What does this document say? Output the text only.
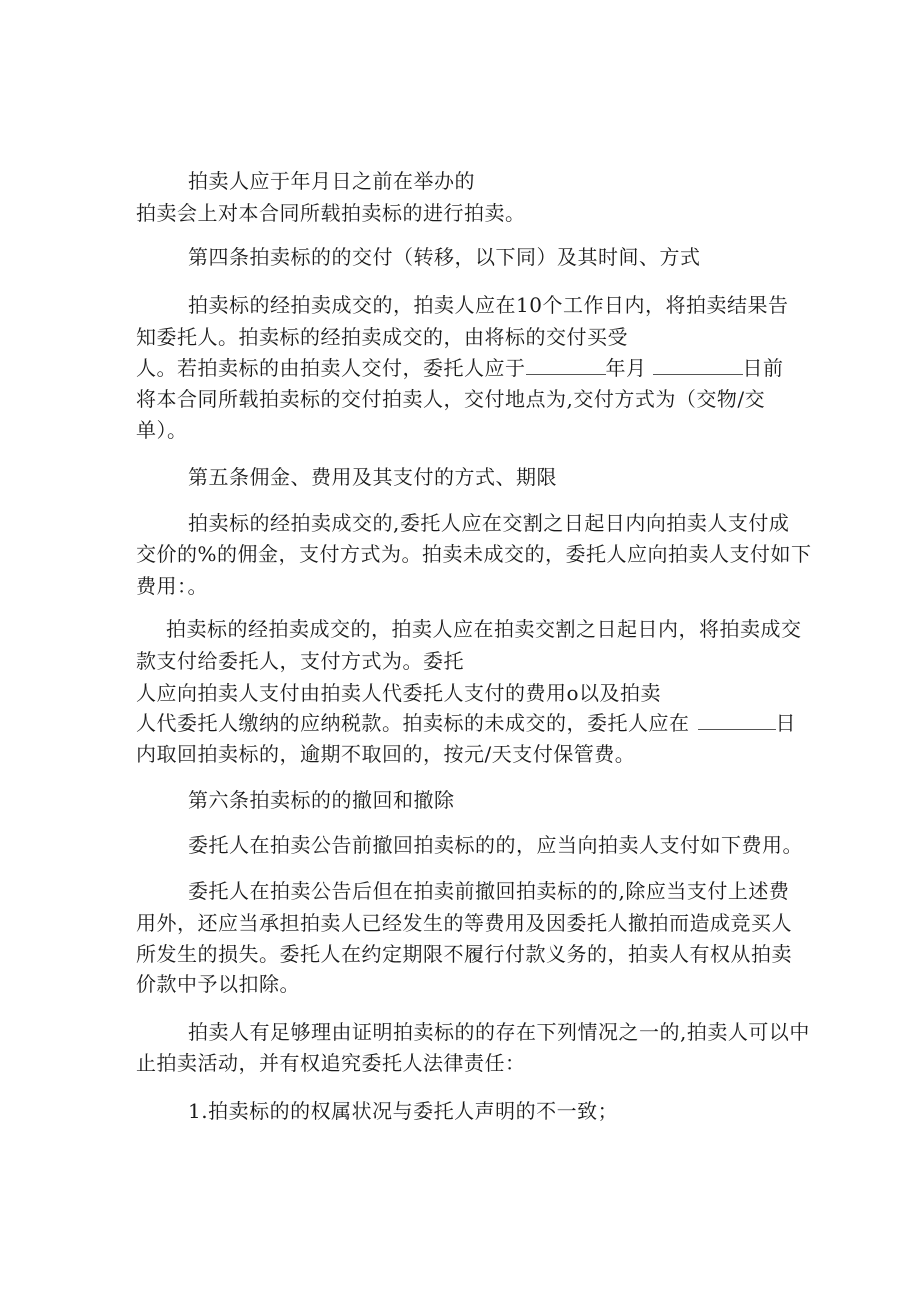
拍卖人应于年月日之前在举办的
拍卖会上对本合同所载拍卖标的进行拍卖。
第四条拍卖标的的交付（转移，以下同）及其时间、方式
拍卖标的经拍卖成交的，拍卖人应在10个工作日内，将拍卖结果告
知委托人。拍卖标的经拍卖成交的，由将标的交付买受
人。若拍卖标的由拍卖人交付，委托人应于	年月	日前
将本合同所载拍卖标的交付拍卖人，交付地点为,交付方式为（交物/交
单）。
第五条佣金、费用及其支付的方式、期限
拍卖标的经拍卖成交的,委托人应在交割之日起日内向拍卖人支付成
交价的%的佣金，支付方式为。拍卖未成交的，委托人应向拍卖人支付如下
费用：。
拍卖标的经拍卖成交的，拍卖人应在拍卖交割之日起日内，将拍卖成交
款支付给委托人，支付方式为。委托
人应向拍卖人支付由拍卖人代委托人支付的费用ο以及拍卖
人代委托人缴纳的应纳税款。拍卖标的未成交的，委托人应在	日
内取回拍卖标的，逾期不取回的，按元/天支付保管费。
第六条拍卖标的的撤回和撤除
委托人在拍卖公告前撤回拍卖标的的，应当向拍卖人支付如下费用。
委托人在拍卖公告后但在拍卖前撤回拍卖标的的,除应当支付上述费
用外，还应当承担拍卖人已经发生的等费用及因委托人撤拍而造成竞买人
所发生的损失。委托人在约定期限不履行付款义务的，拍卖人有权从拍卖
价款中予以扣除。
拍卖人有足够理由证明拍卖标的的存在下列情况之一的,拍卖人可以中
止拍卖活动，并有权追究委托人法律责任：
1.拍卖标的的权属状况与委托人声明的不一致；
